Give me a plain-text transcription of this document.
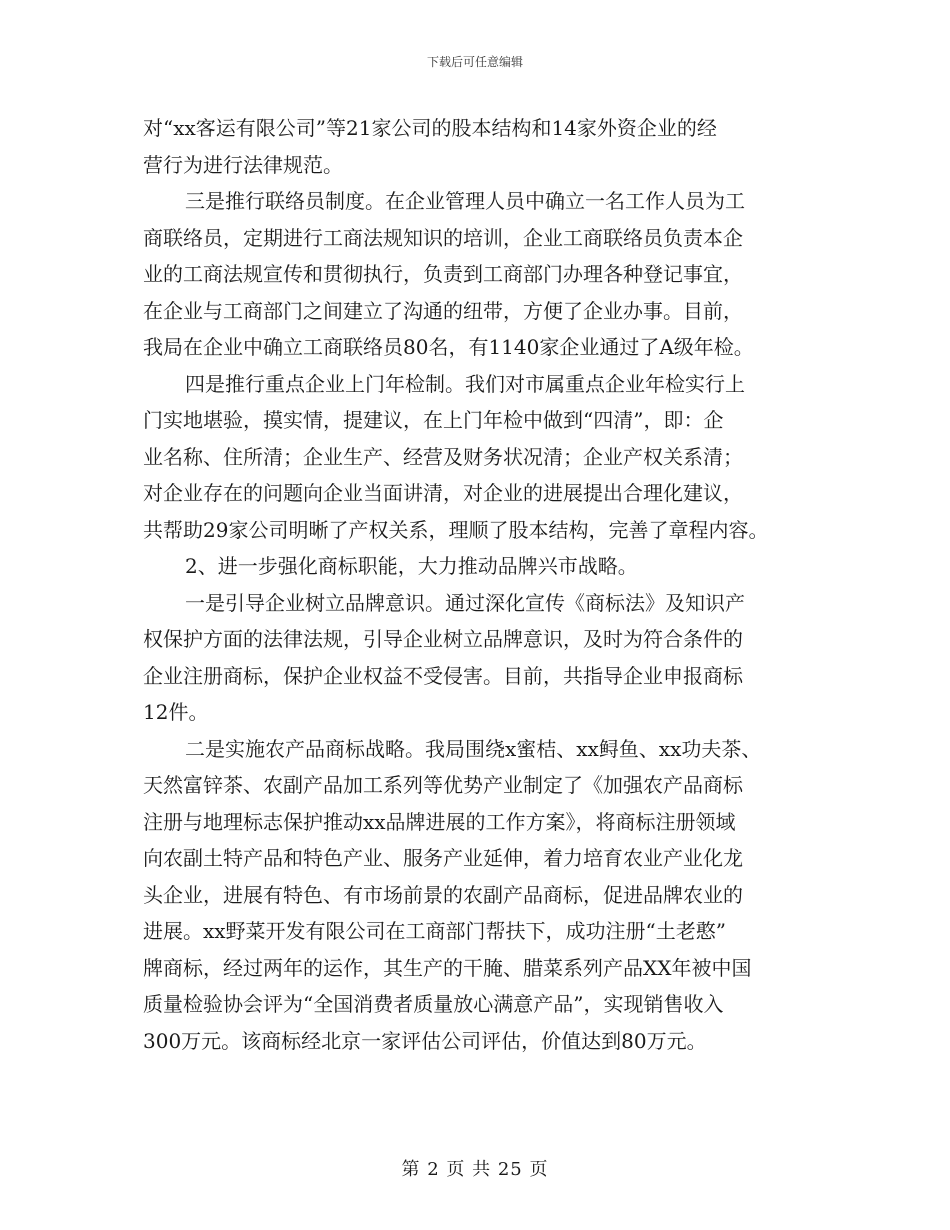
下载后可任意编辑
对“xx客运有限公司”等21家公司的股本结构和14家外资企业的经
营行为进行法律规范。
三是推行联络员制度。在企业管理人员中确立一名工作人员为工
商联络员，定期进行工商法规知识的培训，企业工商联络员负责本企
业的工商法规宣传和贯彻执行，负责到工商部门办理各种登记事宜，
在企业与工商部门之间建立了沟通的纽带，方便了企业办事。目前，
我局在企业中确立工商联络员80名，有1140家企业通过了A级年检。
四是推行重点企业上门年检制。我们对市属重点企业年检实行上
门实地堪验，摸实情，提建议，在上门年检中做到“四清”，即：企
业名称、住所清；企业生产、经营及财务状况清；企业产权关系清；
对企业存在的问题向企业当面讲清，对企业的进展提出合理化建议，
共帮助29家公司明晰了产权关系，理顺了股本结构，完善了章程内容。
2、进一步强化商标职能，大力推动品牌兴市战略。
一是引导企业树立品牌意识。通过深化宣传《商标法》及知识产
权保护方面的法律法规，引导企业树立品牌意识，及时为符合条件的
企业注册商标，保护企业权益不受侵害。目前，共指导企业申报商标
12件。
二是实施农产品商标战略。我局围绕x蜜桔、xx鲟鱼、xx功夫茶、
天然富锌茶、农副产品加工系列等优势产业制定了《加强农产品商标
注册与地理标志保护推动xx品牌进展的工作方案》，将商标注册领域
向农副土特产品和特色产业、服务产业延伸，着力培育农业产业化龙
头企业，进展有特色、有市场前景的农副产品商标，促进品牌农业的
进展。xx野菜开发有限公司在工商部门帮扶下，成功注册“土老憨”
牌商标，经过两年的运作，其生产的干腌、腊菜系列产品XX年被中国
质量检验协会评为“全国消费者质量放心满意产品”，实现销售收入
300万元。该商标经北京一家评估公司评估，价值达到80万元。
第 2 页 共 25 页
